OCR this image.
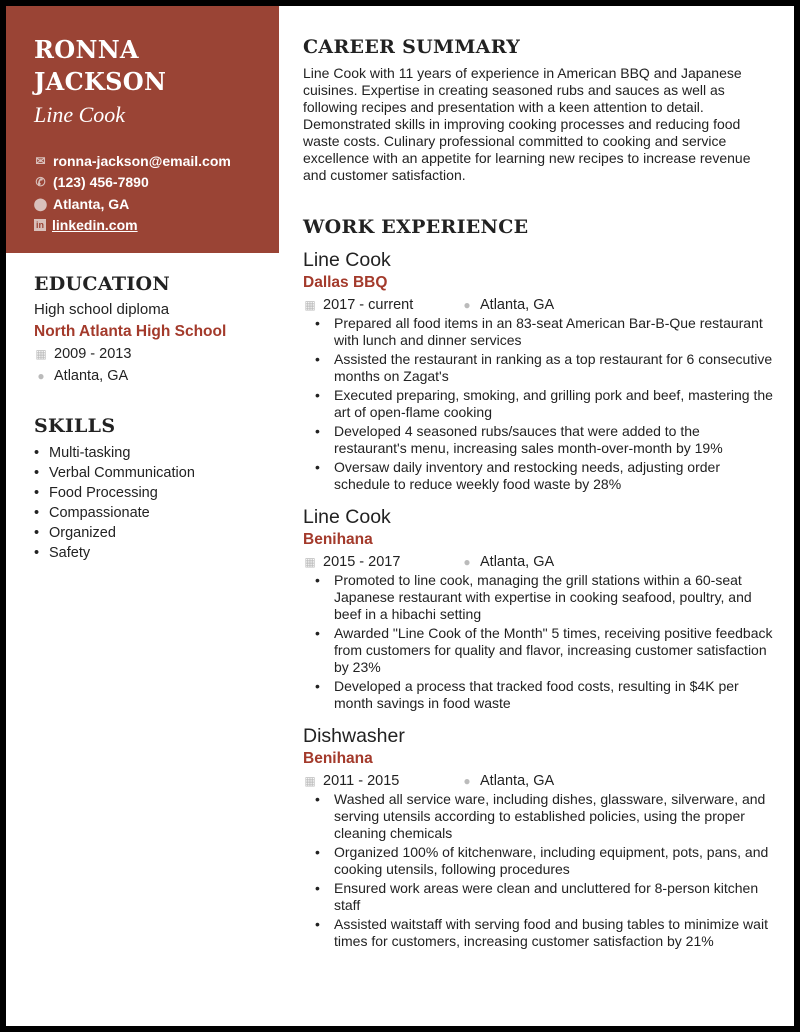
RONNA
JACKSON
Line Cook
✉ ronna-jackson@email.com
✆ (123) 456-7890
⬤ Atlanta, GA
in linkedin.com
EDUCATION
High school diploma
North Atlanta High School
▦ 2009 - 2013
● Atlanta, GA
SKILLS
• Multi-tasking
• Verbal Communication
• Food Processing
• Compassionate
• Organized
• Safety
CAREER SUMMARY
Line Cook with 11 years of experience in American BBQ and Japanese cuisines. Expertise in creating seasoned rubs and sauces as well as following recipes and presentation with a keen attention to detail. Demonstrated skills in improving cooking processes and reducing food waste costs. Culinary professional committed to cooking and service excellence with an appetite for learning new recipes to increase revenue and customer satisfaction.
WORK EXPERIENCE
Line Cook
Dallas BBQ
▦ 2017 - current	● Atlanta, GA
• Prepared all food items in an 83-seat American Bar-B-Que restaurant with lunch and dinner services
• Assisted the restaurant in ranking as a top restaurant for 6 consecutive months on Zagat's
• Executed preparing, smoking, and grilling pork and beef, mastering the art of open-flame cooking
• Developed 4 seasoned rubs/sauces that were added to the restaurant's menu, increasing sales month-over-month by 19%
• Oversaw daily inventory and restocking needs, adjusting order schedule to reduce weekly food waste by 28%
Line Cook
Benihana
▦ 2015 - 2017	● Atlanta, GA
• Promoted to line cook, managing the grill stations within a 60-seat Japanese restaurant with expertise in cooking seafood, poultry, and beef in a hibachi setting
• Awarded "Line Cook of the Month" 5 times, receiving positive feedback from customers for quality and flavor, increasing customer satisfaction by 23%
• Developed a process that tracked food costs, resulting in $4K per month savings in food waste
Dishwasher
Benihana
▦ 2011 - 2015	● Atlanta, GA
• Washed all service ware, including dishes, glassware, silverware, and serving utensils according to established policies, using the proper cleaning chemicals
• Organized 100% of kitchenware, including equipment, pots, pans, and cooking utensils, following procedures
• Ensured work areas were clean and uncluttered for 8-person kitchen staff
• Assisted waitstaff with serving food and busing tables to minimize wait times for customers, increasing customer satisfaction by 21%
